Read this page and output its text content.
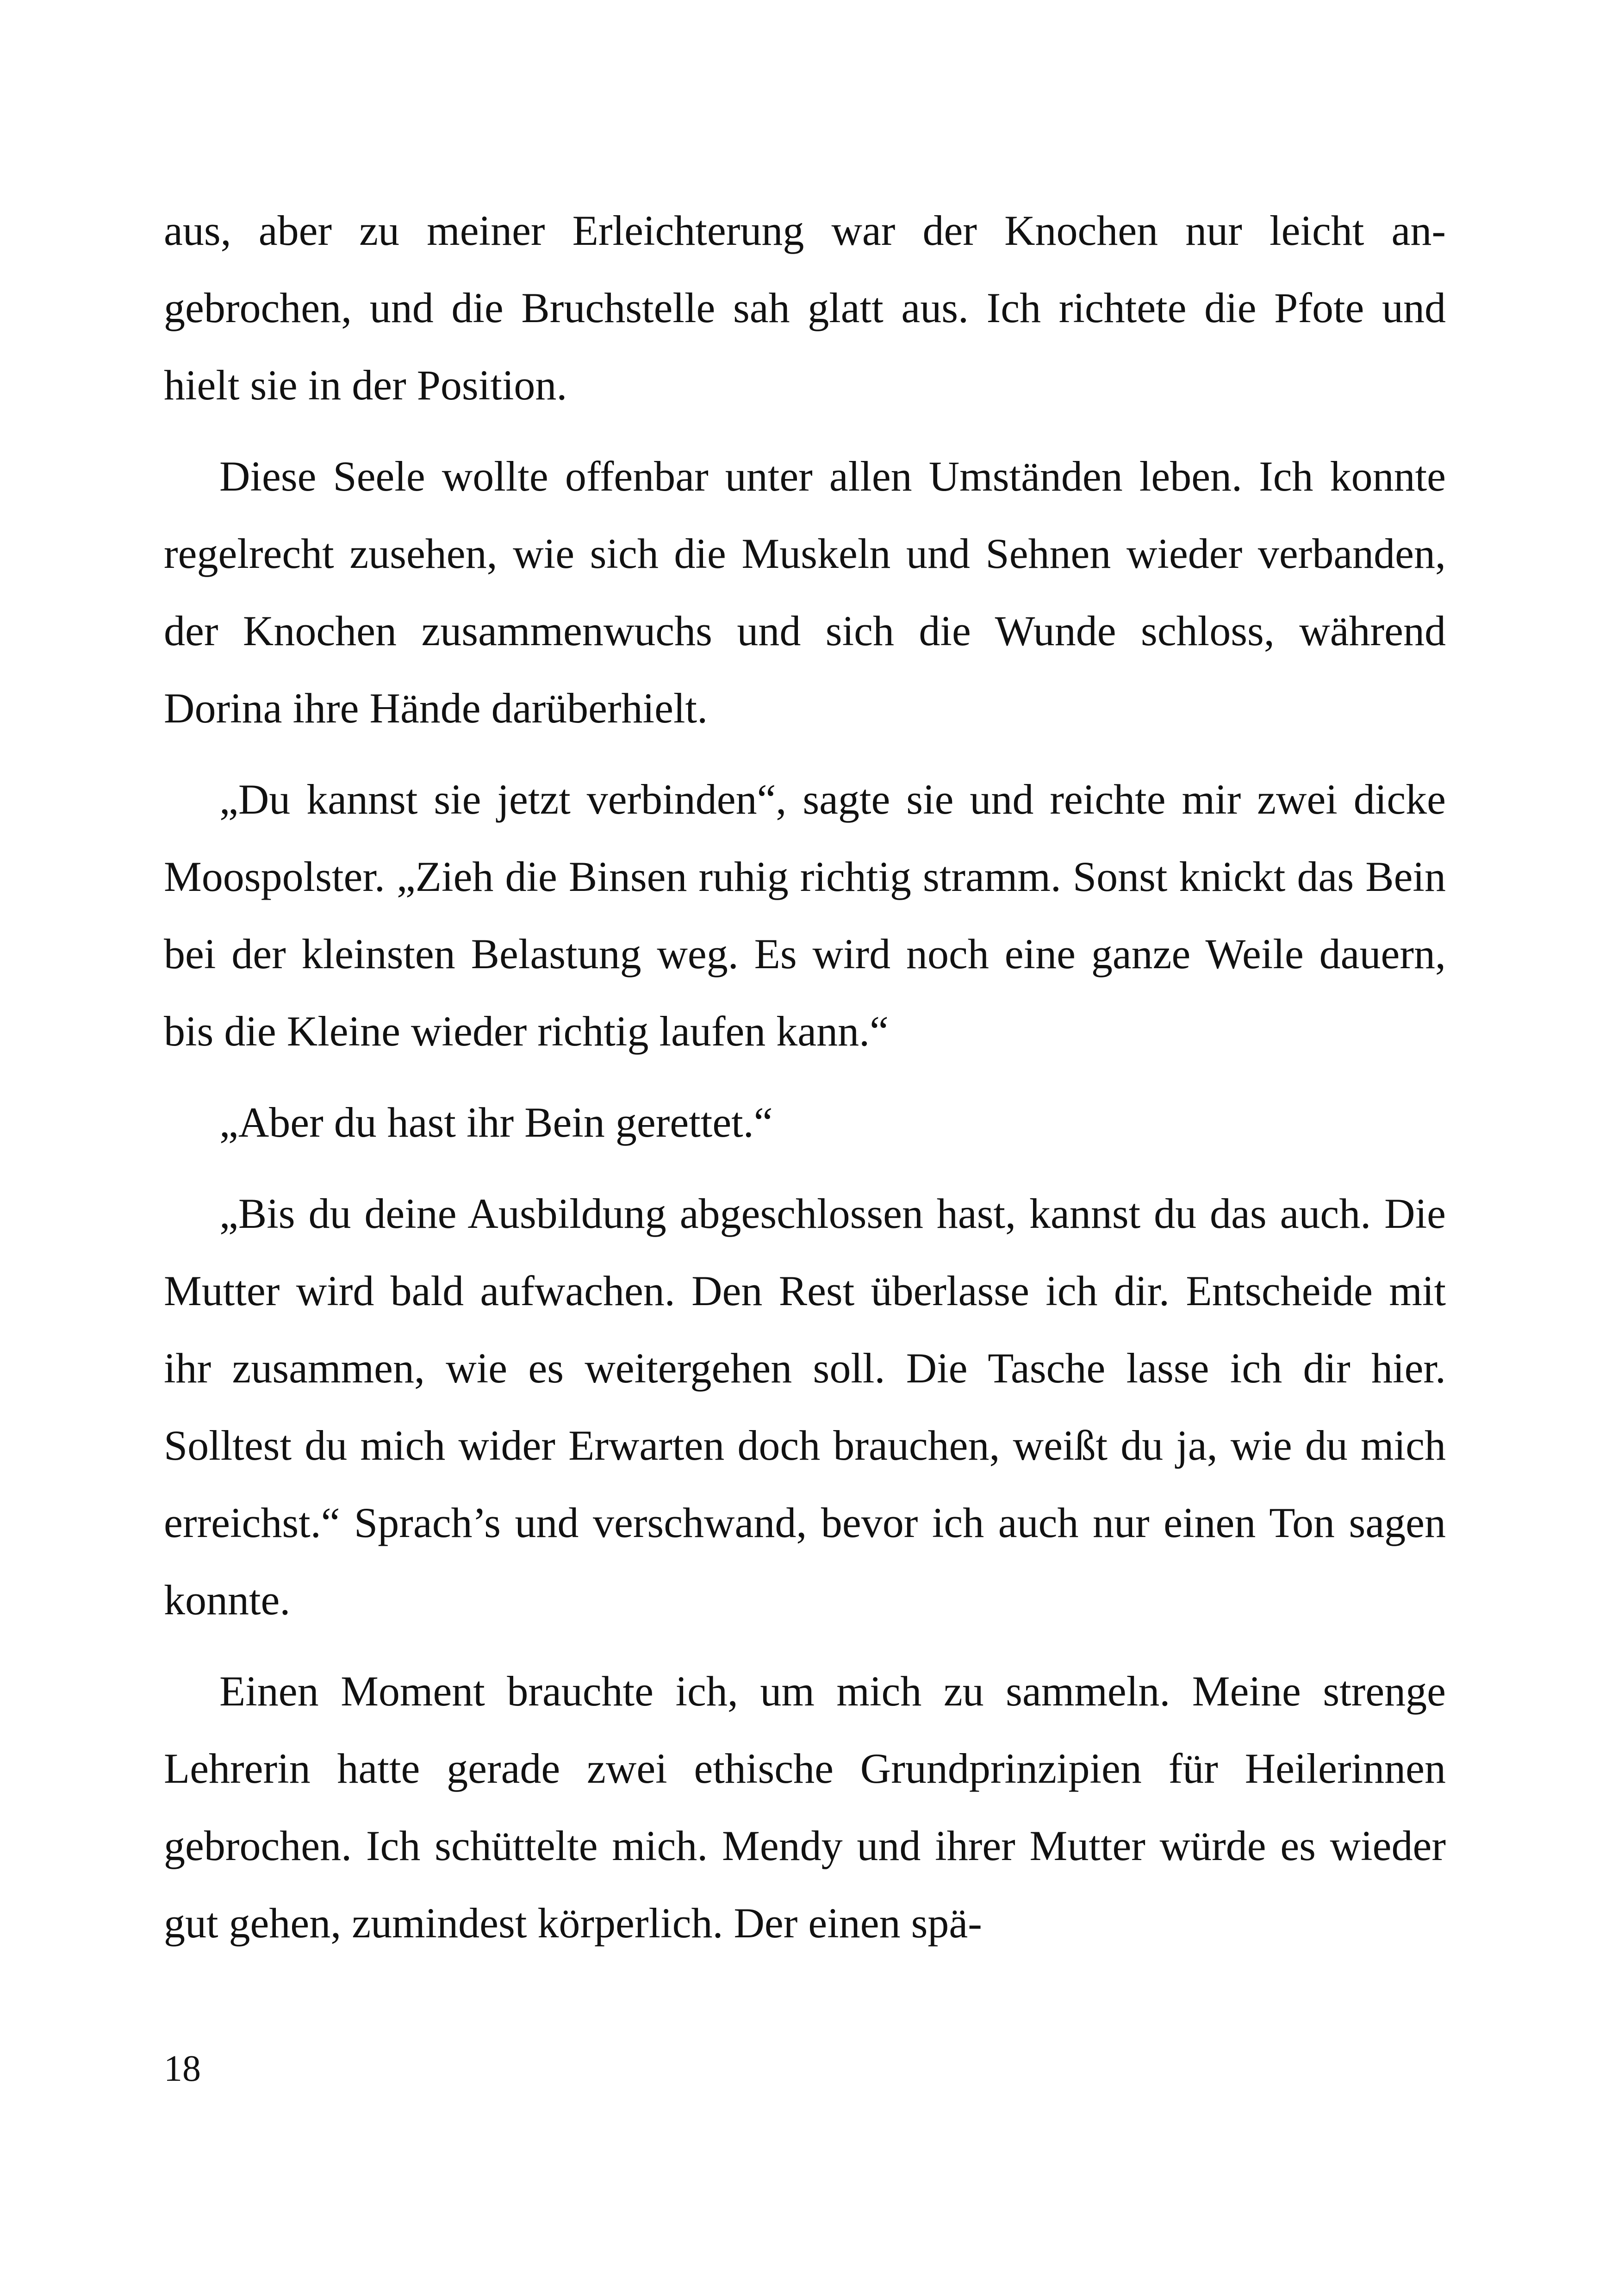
aus, aber zu meiner Erleichterung war der Knochen nur leicht angebrochen, und die Bruchstelle sah glatt aus. Ich richtete die Pfote und hielt sie in der Position.

Diese Seele wollte offenbar unter allen Umständen leben. Ich konnte regelrecht zusehen, wie sich die Muskeln und Sehnen wieder verbanden, der Knochen zusammenwuchs und sich die Wunde schloss, während Dorina ihre Hände darüberhielt.

„Du kannst sie jetzt verbinden“, sagte sie und reichte mir zwei dicke Moospolster. „Zieh die Binsen ruhig richtig stramm. Sonst knickt das Bein bei der kleinsten Belastung weg. Es wird noch eine ganze Weile dauern, bis die Kleine wieder richtig laufen kann.“

„Aber du hast ihr Bein gerettet.“

„Bis du deine Ausbildung abgeschlossen hast, kannst du das auch. Die Mutter wird bald aufwachen. Den Rest überlasse ich dir. Entscheide mit ihr zusammen, wie es weitergehen soll. Die Tasche lasse ich dir hier. Solltest du mich wider Erwarten doch brauchen, weißt du ja, wie du mich erreichst.“ Sprach’s und verschwand, bevor ich auch nur einen Ton sagen konnte.

Einen Moment brauchte ich, um mich zu sammeln. Meine strenge Lehrerin hatte gerade zwei ethische Grundprinzipien für Heilerinnen gebrochen. Ich schüttelte mich. Mendy und ihrer Mutter würde es wieder gut gehen, zumindest körperlich. Der einen spä-

18
